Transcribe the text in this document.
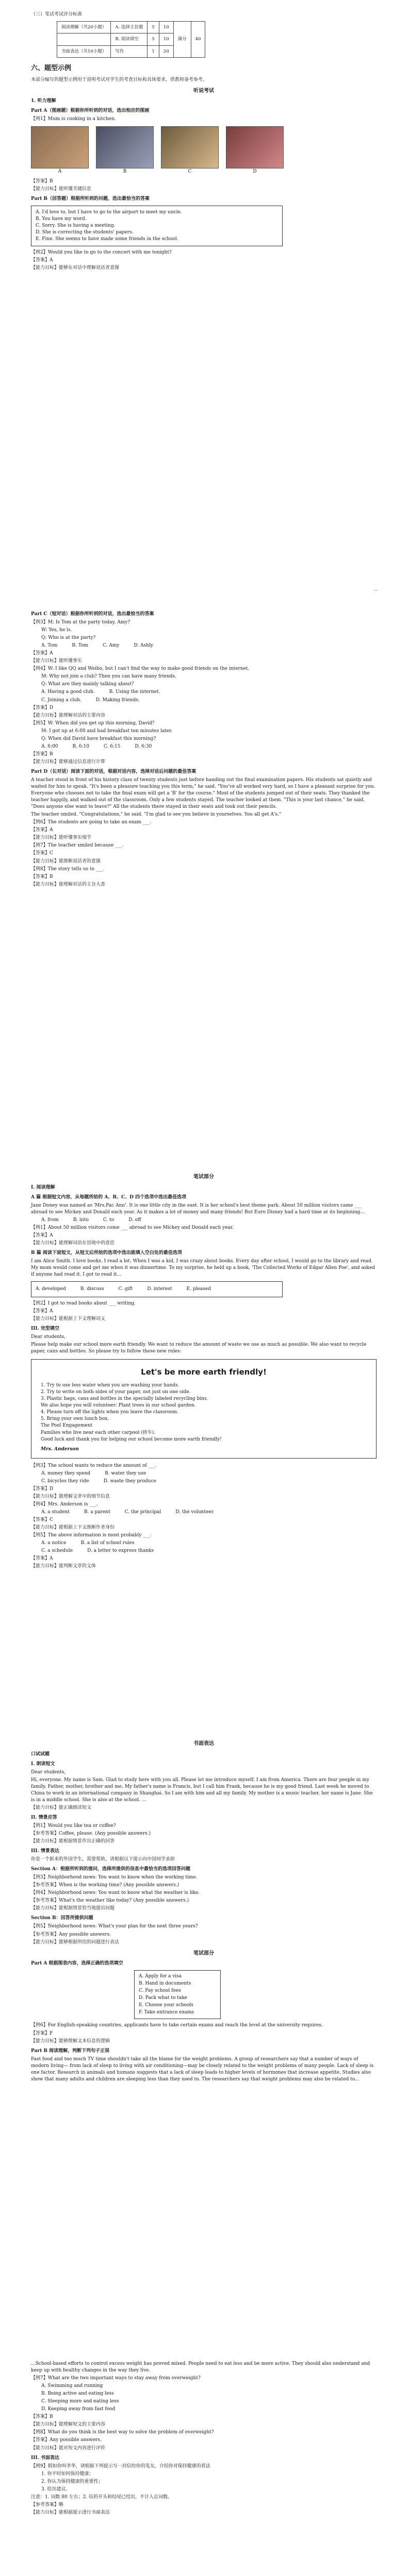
（三）笔试考试评分标准
阅读理解（共20小题）	A. 选择主旨题	5	10	满分	40
	B. 阅读填空	5	10		
书面表达（共10小题）	写作	1	20		
六、题型示例
本部分编写的题型示例用于说明考试对学生的考查目标和具体要求，供教师备考参考。
听说考试
1. 听力理解
Part A（图画题）根据你所听到的对话，选出相应的图画
【例1】Mum is cooking in a kitchen.
A	B	C	D
【答案】B
【能力目标】能听懂关键信息
Part B（回答题）根据所听到的问题，选出最恰当的答案
A. I'd love to, but I have to go to the airport to meet my uncle.
B. You have my word.
C. Sorry. She is having a meeting.
D. She is correcting the students' papers.
E. Fine. She seems to have made some friends in the school.
【例2】Would you like to go to the concert with me tonight?
【答案】A
【能力目标】能够在对话中理解说话者意图
Part C（短对话）根据你所听到的对话，选出最恰当的答案
【例3】M: Is Tom at the party today, Amy?
W: Yes, he is.
Q: Who is at the party?
A. Tom	B. Tom	C. Amy	D. Ashly
【答案】A
【能力目标】能听懂事实
【例4】W: I like QQ and Weibo, but I can't find the way to make good friends on the internet.
M: Why not join a club? Then you can have many friends.
Q: What are they mainly talking about?
A. Having a good club.	B. Using the internet.
C. Joining a club.	D. Making friends.
【答案】D
【能力目标】能理解对话的主要内容
【例5】W: When did you get up this morning, David?
M: I got up at 6:00 and had breakfast ten minutes later.
Q: When did David have breakfast this morning?
A. 6:00	B. 6:10	C. 6:15	D. 6:30
【答案】B
【能力目标】能够通过信息进行计算
Part D（长对话）阅读下面的对话，根据对话内容，选择对话后问题的最佳答案

A teacher stood in front of his history class of twenty students just before handing out the final examination papers. His students sat quietly and waited for him to speak. "It's been a pleasure teaching you this term," he said. "You've all worked very hard, so I have a pleasant surprise for you. Everyone who chooses not to take the final exam will get a 'B' for the course." Most of the students jumped out of their seats. They thanked the teacher happily, and walked out of the classroom. Only a few students stayed. The teacher looked at them. "This is your last chance," he said. "Does anyone else want to leave?" All the students there stayed in their seats and took out their pencils.

The teacher smiled. "Congratulations," he said. "I'm glad to see you believe in yourselves. You all get A's."

【例6】The students are going to take an exam ___.
【答案】A
【能力目标】能听懂事实细节
【例7】The teacher smiled because ___.
【答案】C
【能力目标】能推断说话者的意图
【例8】The story tells us to ___.
【答案】B
【能力目标】能理解对话的主旨大意
笔试部分
I. 阅读理解
A 篇 根据短文内容，从每题所给的 A、B、C、D 四个选项中选出最佳选项

Jane Doney was named as 'Mrs.Pac Ann'. It is one little city in the east. It is her school's best theme park. About 50 million visitors came ___ abroad to see Mickey and Donald each year. As it makes a lot of money and many friends! But Euro Disney had a hard time at its beginning...

A. from	B. into	C. to	D. off
【例1】About 50 million visitors come ___ abroad to see Mickey and Donald each year.
【答案】A
【能力目标】能理解词语在语境中的意思
B 篇 阅读下面短文，从短文后所给的选项中选出能填入空白处的最佳选项

I am Alice Smith. I love books. I read a lot. When I was a kid, I was crazy about books. Every day after school, I would go to the library and read. My mom would come and get me when it was dinnertime. To my surprise, he held up a book, 'The Collected Works of Edgar Allen Poe', and asked if anyone had read it. I got to read it...

A. developed	B. discuss	C. gift	D. interest	E. pleased
【例2】I got to read books about ___ writing.
【答案】A
【能力目标】能根据上下文理解词义
III. 完型填空
Dear students,

Please help make our school more earth friendly. We want to reduce the amount of waste we use as much as possible. We also want to recycle paper, cans and bottles. So please try to follow these new rules:

Let's be more earth friendly!
1. Try to use less water when you are washing your hands.
2. Try to write on both sides of your paper, not just on one side.
3. Plastic bags, cans and bottles in the specially labeled recycling bins.
We also hope you will volunteer: Plant trees in our school garden.
4. Please turn off the lights when you leave the classroom.
5. Bring your own lunch box.
The Pool Engagement
Families who live near each other carpool (拼车).
Good luck and thank you for helping our school become more earth friendly!
Mrs. Anderson
【例3】The school wants to reduce the amount of ___.
A. money they spend	B. water they use
C. bicycles they ride	D. waste they produce
【答案】D
【能力目标】能理解文章中的细节信息
【例4】Mrs. Anderson is ___.
A. a student	B. a parent	C. the principal	D. the volunteer
【答案】C
【能力目标】能根据上下文推断作者身份
【例5】The above information is most probably ___.
A. a notice	B. a list of school rules
C. a schedule	D. a letter to express thanks
【答案】A
【能力目标】能判断文章的文体
书面表达
口试试题
I. 朗读短文
Dear students,

Hi, everyone. My name is Sam. Glad to study here with you all. Please let me introduce myself. I am from America. There are four people in my family. Father, mother, brother and me. My father's name is Francis, but I call him Frank, because he is my good friend. Last week he moved to China to work in an international company in Shanghai. So I am with him and all my family. My mother is a music teacher, her name is Jane. She is in a middle school. She is also at the school. ...

【能力目标】能正确朗读短文
II. 情景应答
【例1】Would you like tea or coffee?
【参考答案】Coffee, please. (Any possible answers.)
【能力目标】能根据情景作出正确的回答
III. 情景表达
你是一个新来的外国学生，需要帮助，请根据以下提示向中国同学求助
Section A：根据所听到的提问，选择所提供的信息中最恰当的选项回答问题
【例3】Neighborhood news: You want to know when the working time.
【参考答案】When is the working time? (Any possible answers.)
【例4】Neighborhood news: You want to know what the weather is like.
【参考答案】What's the weather like today? (Any possible answers.)
【能力目标】能根据情景恰当地提出问题
Section B：回答所提供问题
【例5】Neighborhood news: What's your plan for the next three years?
【参考答案】Any possible answers.
【能力目标】能够根据所给的问题进行表达
笔试部分
Part A 根据图表内容，选择正确的选项填空
A. Apply for a visa
B. Hand in documents
C. Pay school fees
D. Pack what to take
E. Choose your schools
F. Take entrance exams
【例6】For English-speaking countries, applicants have to take certain exams and reach the level at the university requires.
【答案】F
【能力目标】能够理解文本信息的逻辑
Part B 阅读理解，判断下列句子正误

Fast food and too much TV time shouldn't take all the blame for the weight problems. A group of researchers say that a number of ways of modern living— from lack of sleep to living with air conditioning—may be closely related to the weight problems of many people. Lack of sleep is one factor. Research in animals and humans suggests that a lack of sleep leads to higher levels of hormones that increase appetite. Studies also show that many adults and children are sleeping less than they used to. The researchers say that weight problems may also be related to...

...School-based efforts to control excess weight has proved mixed. People need to eat less and be more active. They should also understand and keep up with healthy changes in the way they live.

【例7】What are the two important ways to stay away from overweight?
A. Swimming and running
B. Being active and eating less
C. Sleeping more and eating less
D. Keeping away from fast food
【答案】B
【能力目标】能理解短文的主要内容
【例8】What do you think is the best way to solve the problem of overweight?
【答案】Any possible answers.
【能力目标】能对短文内容进行评价
III. 书面表达
【例9】假如你叫李华，请根据下列提示写一封信给你的笔友，介绍你对保持健康的看法
1. 你平时如何保持健康；
2. 你认为保持健康的重要性；
3. 给出建议。
注意：1. 词数 80 左右；2. 信的开头和结尾已给出，不计入总词数。
【参考答案】略
【能力目标】能根据提示进行书面表达
—
